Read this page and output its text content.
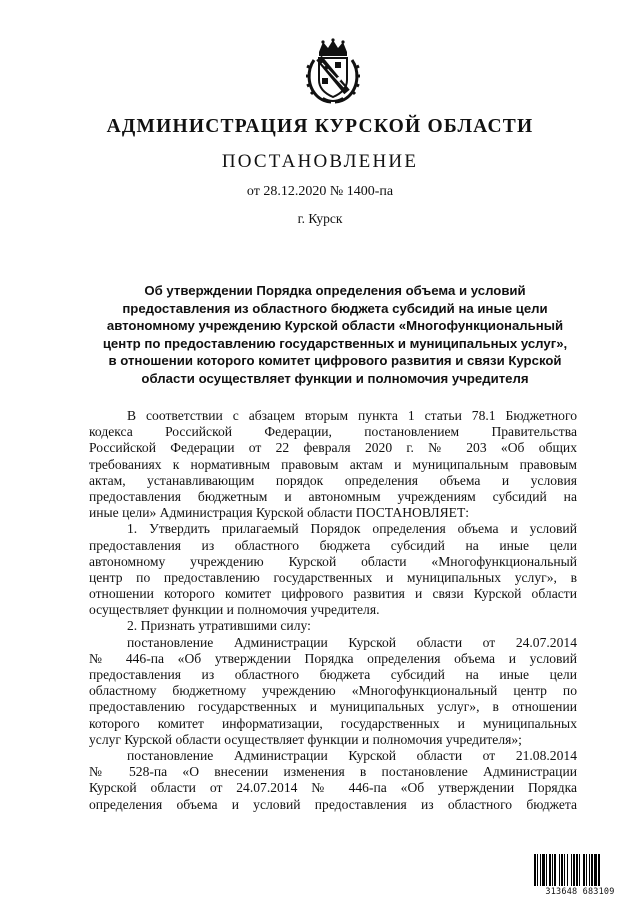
АДМИНИСТРАЦИЯ КУРСКОЙ ОБЛАСТИ
ПОСТАНОВЛЕНИЕ
от 28.12.2020 № 1400-па
г. Курск
Об утверждении Порядка определения объема и условий
предоставления из областного бюджета субсидий на иные цели
автономному учреждению Курской области «Многофункциональный
центр по предоставлению государственных и муниципальных услуг»,
в отношении которого комитет цифрового развития и связи Курской
области осуществляет функции и полномочия учредителя
В соответствии с абзацем вторым пункта 1 статьи 78.1 Бюджетного
кодекса Российской Федерации, постановлением Правительства
Российской Федерации от 22 февраля 2020 г. № 203 «Об общих
требованиях к нормативным правовым актам и муниципальным правовым
актам, устанавливающим порядок определения объема и условия
предоставления бюджетным и автономным учреждениям субсидий на
иные цели» Администрация Курской области ПОСТАНОВЛЯЕТ:
1. Утвердить прилагаемый Порядок определения объема и условий
предоставления из областного бюджета субсидий на иные цели
автономному учреждению Курской области «Многофункциональный
центр по предоставлению государственных и муниципальных услуг», в
отношении которого комитет цифрового развития и связи Курской области
осуществляет функции и полномочия учредителя.
2. Признать утратившими силу:
постановление Администрации Курской области от 24.07.2014
№ 446-па «Об утверждении Порядка определения объема и условий
предоставления из областного бюджета субсидий на иные цели
областному бюджетному учреждению «Многофункциональный центр по
предоставлению государственных и муниципальных услуг», в отношении
которого комитет информатизации, государственных и муниципальных
услуг Курской области осуществляет функции и полномочия учредителя»;
постановление Администрации Курской области от 21.08.2014
№ 528-па «О внесении изменения в постановление Администрации
Курской области от 24.07.2014 № 446-па «Об утверждении Порядка
определения объема и условий предоставления из областного бюджета
313648 683109
